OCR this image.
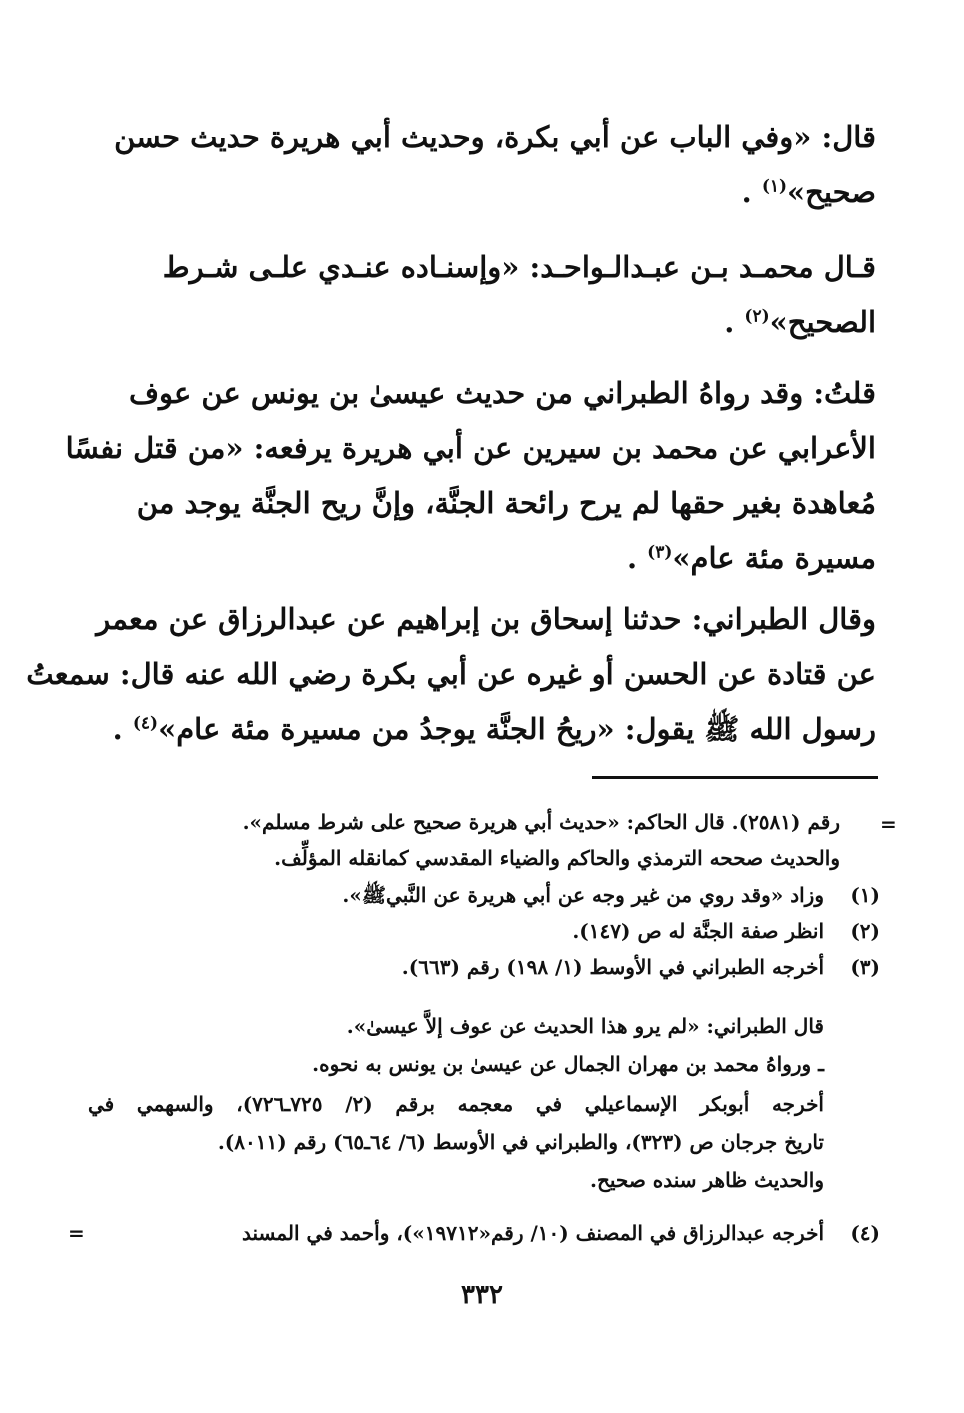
قال: «وفي الباب عن أبي بكرة، وحديث أبي هريرة حديث حسن
صحيح»$^{(١)}$ .
قـال محمـد بـن عبـدالـواحـد: «وإسنـاده عنـدي علـى شـرط
الصحيح»$^{(٢)}$ .
قلتُ: وقد رواهُ الطبراني من حديث عيسىٰ بن يونس عن عوف
الأعرابي عن محمد بن سيرين عن أبي هريرة يرفعه: «من قتل نفسًا
مُعاهدة بغير حقها لم يرح رائحة الجنَّة، وإنَّ ريح الجنَّة يوجد من
مسيرة مئة عام»$^{(٣)}$ .
وقال الطبراني: حدثنا إسحاق بن إبراهيم عن عبدالرزاق عن معمر
عن قتادة عن الحسن أو غيره عن أبي بكرة رضي الله عنه قال: سمعتُ
رسول الله ﷺ يقول: «ريحُ الجنَّة يوجدُ من مسيرة مئة عام»$^{(٤)}$ .
=
رقم (٢٥٨١). قال الحاكم: «حديث أبي هريرة صحيح على شرط مسلم».
والحديث صححه الترمذي والحاكم والضياء المقدسي كمانقله المؤلِّف.
(١)
وزاد «وقد روي من غير وجه عن أبي هريرة عن النَّبيﷺ».
(٢)
انظر صفة الجنَّة له ص (١٤٧).
(٣)
أخرجه الطبراني في الأوسط (١/ ١٩٨) رقم (٦٦٣).
قال الطبراني: «لم يرو هذا الحديث عن عوف إلاَّ عيسىٰ».
ـ ورواهُ محمد بن مهران الجمال عن عيسىٰ بن يونس به نحوه.
أخرجه أبوبكر الإسماعيلي في معجمه برقم (٢/ ٧٢٥ـ٧٢٦)، والسهمي في
تاريخ جرجان ص (٣٢٣)، والطبراني في الأوسط (٦/ ٦٤ـ٦٥) رقم (٨٠١١).
والحديث ظاهر سنده صحيح.
(٤)
أخرجه عبدالرزاق في المصنف (١٠/ رقم«١٩٧١٢»)، وأحمد في المسند
=
٣٣٢
